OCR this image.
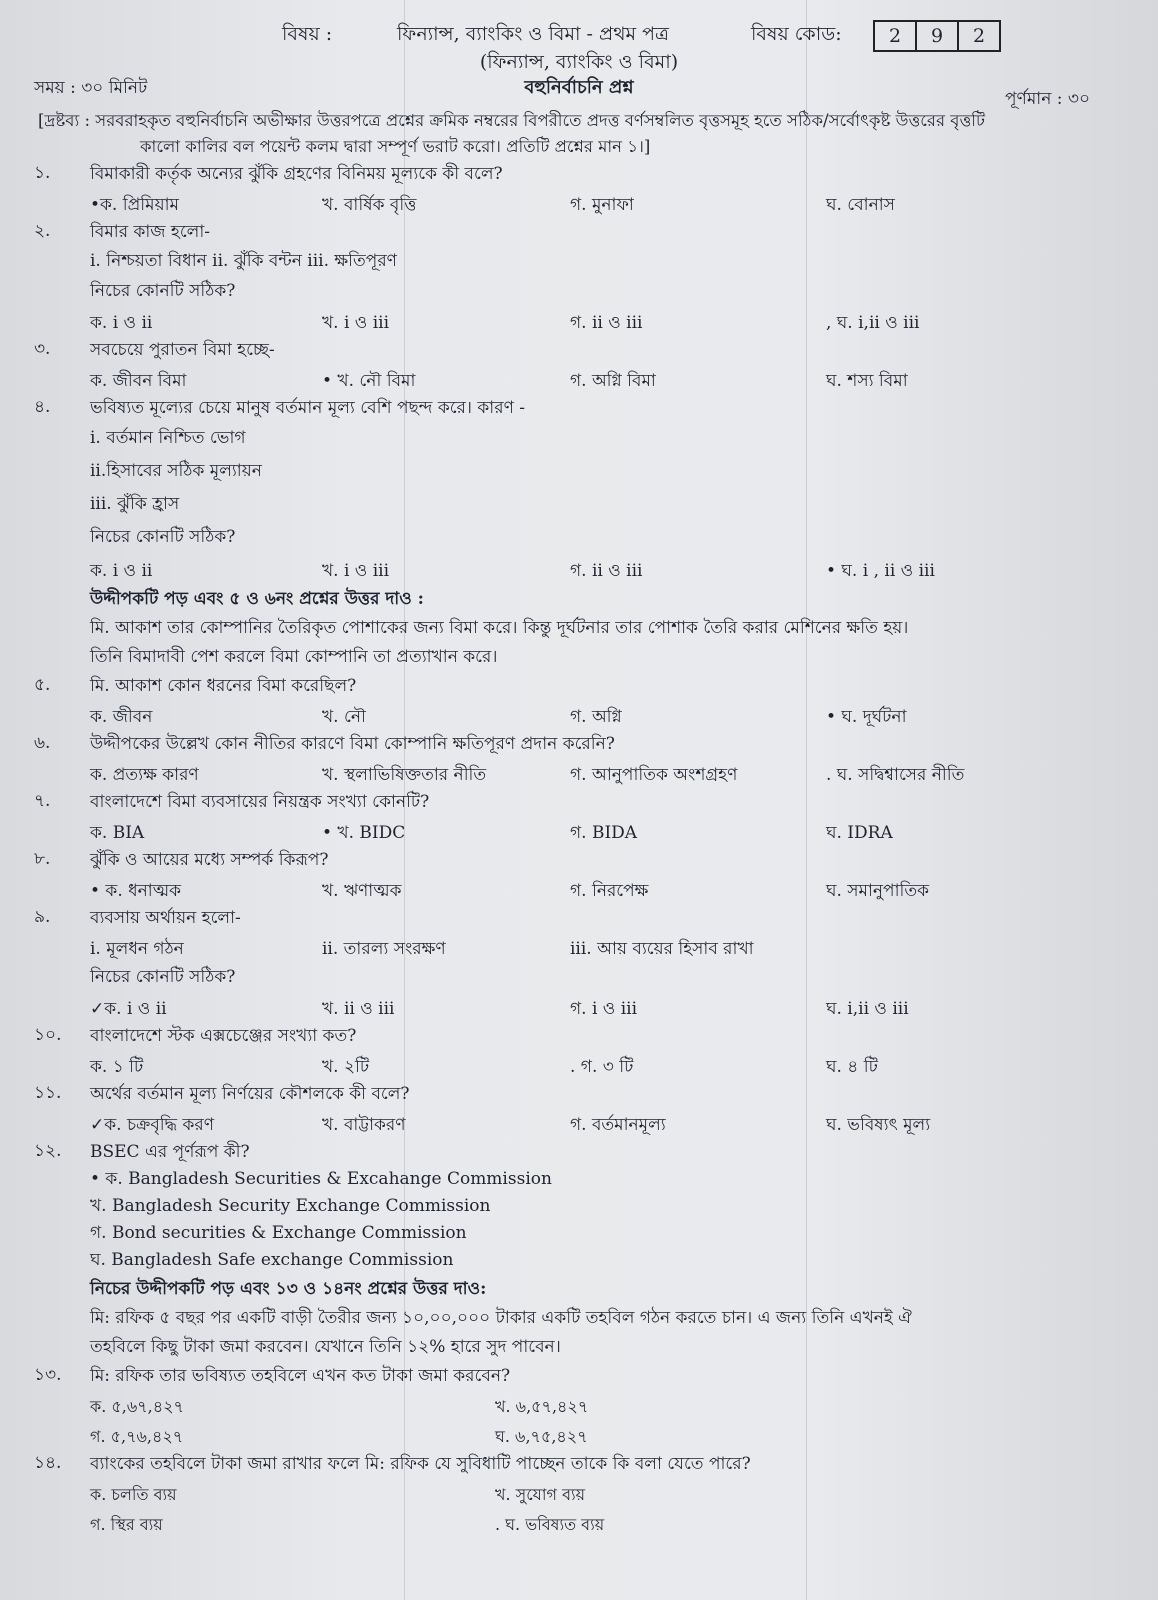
বিষয় :	ফিন্যান্স, ব্যাংকিং ও বিমা - প্রথম পত্র	বিষয় কোড:	2	9	2
(ফিন্যান্স, ব্যাংকিং ও বিমা)
সময় : ৩০ মিনিট	বহুনির্বাচনি প্রশ্ন
পূর্ণমান : ৩০
[দ্রষ্টব্য : সরবরাহকৃত বহুনির্বাচনি অভীক্ষার উত্তরপত্রে প্রশ্নের ক্রমিক নম্বরের বিপরীতে প্রদত্ত বর্ণসম্বলিত বৃত্তসমূহ হতে সঠিক/সর্বোৎকৃষ্ট উত্তরের বৃত্তটি
কালো কালির বল পয়েন্ট কলম দ্বারা সম্পূর্ণ ভরাট করো। প্রতিটি প্রশ্নের মান ১।]
১.	বিমাকারী কর্তৃক অন্যের ঝুঁকি গ্রহণের বিনিময় মূল্যকে কী বলে?
•ক. প্রিমিয়াম	খ. বার্ষিক বৃত্তি	গ. মুনাফা	ঘ. বোনাস
২.	বিমার কাজ হলো-
i. নিশ্চয়তা বিধান ii. ঝুঁকি বন্টন iii. ক্ষতিপূরণ
নিচের কোনটি সঠিক?
ক. i ও ii	খ. i ও iii	গ. ii ও iii	, ঘ. i,ii ও iii
৩.	সবচেয়ে পুরাতন বিমা হচ্ছে-
ক. জীবন বিমা	• খ. নৌ বিমা	গ. অগ্নি বিমা	ঘ. শস্য বিমা
৪.	ভবিষ্যত মূল্যের চেয়ে মানুষ বর্তমান মূল্য বেশি পছন্দ করে। কারণ -
i. বর্তমান নিশ্চিত ভোগ
ii.হিসাবের সঠিক মূল্যায়ন
iii. ঝুঁকি হ্রাস
নিচের কোনটি সঠিক?
ক. i ও ii	খ. i ও iii	গ. ii ও iii	• ঘ. i , ii ও iii
উদ্দীপকটি পড় এবং ৫ ও ৬নং প্রশ্নের উত্তর দাও :
মি. আকাশ তার কোম্পানির তৈরিকৃত পোশাকের জন্য বিমা করে। কিন্তু দূর্ঘটনার তার পোশাক তৈরি করার মেশিনের ক্ষতি হয়।
তিনি বিমাদাবী পেশ করলে বিমা কোম্পানি তা প্রত্যাখান করে।
৫.	মি. আকাশ কোন ধরনের বিমা করেছিল?
ক. জীবন	খ. নৌ	গ. অগ্নি	• ঘ. দূর্ঘটনা
৬.	উদ্দীপকের উল্লেখ কোন নীতির কারণে বিমা কোম্পানি ক্ষতিপূরণ প্রদান করেনি?
ক. প্রত্যক্ষ কারণ	খ. স্থলাভিষিক্ততার নীতি	গ. আনুপাতিক অংশগ্রহণ	. ঘ. সদ্বিশ্বাসের নীতি
৭.	বাংলাদেশে বিমা ব্যবসায়ের নিয়ন্ত্রক সংখ্যা কোনটি?
ক. BIA	• খ. BIDC	গ. BIDA	ঘ. IDRA
৮.	ঝুঁকি ও আয়ের মধ্যে সম্পর্ক কিরূপ?
• ক. ধনাত্মক	খ. ঋণাত্মক	গ. নিরপেক্ষ	ঘ. সমানুপাতিক
৯.	ব্যবসায় অর্থায়ন হলো-
i. মূলধন গঠন	ii. তারল্য সংরক্ষণ	iii. আয় ব্যয়ের হিসাব রাখা
নিচের কোনটি সঠিক?
✓ক. i ও ii	খ. ii ও iii	গ. i ও iii	ঘ. i,ii ও iii
১০.	বাংলাদেশে স্টক এক্সচেঞ্জের সংখ্যা কত?
ক. ১ টি	খ. ২টি	. গ. ৩ টি	ঘ. ৪ টি
১১.	অর্থের বর্তমান মূল্য নির্ণয়ের কৌশলকে কী বলে?
✓ক. চক্রবৃদ্ধি করণ	খ. বাট্টাকরণ	গ. বর্তমানমূল্য	ঘ. ভবিষ্যৎ মূল্য
১২.	BSEC এর পূর্ণরূপ কী?
• ক. Bangladesh Securities & Excahange Commission
খ. Bangladesh Security Exchange Commission
গ. Bond securities & Exchange Commission
ঘ. Bangladesh Safe exchange Commission
নিচের উদ্দীপকটি পড় এবং ১৩ ও ১৪নং প্রশ্নের উত্তর দাও:
মি: রফিক ৫ বছর পর একটি বাড়ী তৈরীর জন্য ১০,০০,০০০ টাকার একটি তহবিল গঠন করতে চান। এ জন্য তিনি এখনই ঐ
তহবিলে কিছু টাকা জমা করবেন। যেখানে তিনি ১২% হারে সুদ পাবেন।
১৩.	মি: রফিক তার ভবিষ্যত তহবিলে এখন কত টাকা জমা করবেন?
ক. ৫,৬৭,৪২৭	খ. ৬,৫৭,৪২৭
গ. ৫,৭৬,৪২৭	ঘ. ৬,৭৫,৪২৭
১৪.	ব্যাংকের তহবিলে টাকা জমা রাখার ফলে মি: রফিক যে সুবিধাটি পাচ্ছেন তাকে কি বলা যেতে পারে?
ক. চলতি ব্যয়	খ. সুযোগ ব্যয়
গ. স্থির ব্যয়	. ঘ. ভবিষ্যত ব্যয়
